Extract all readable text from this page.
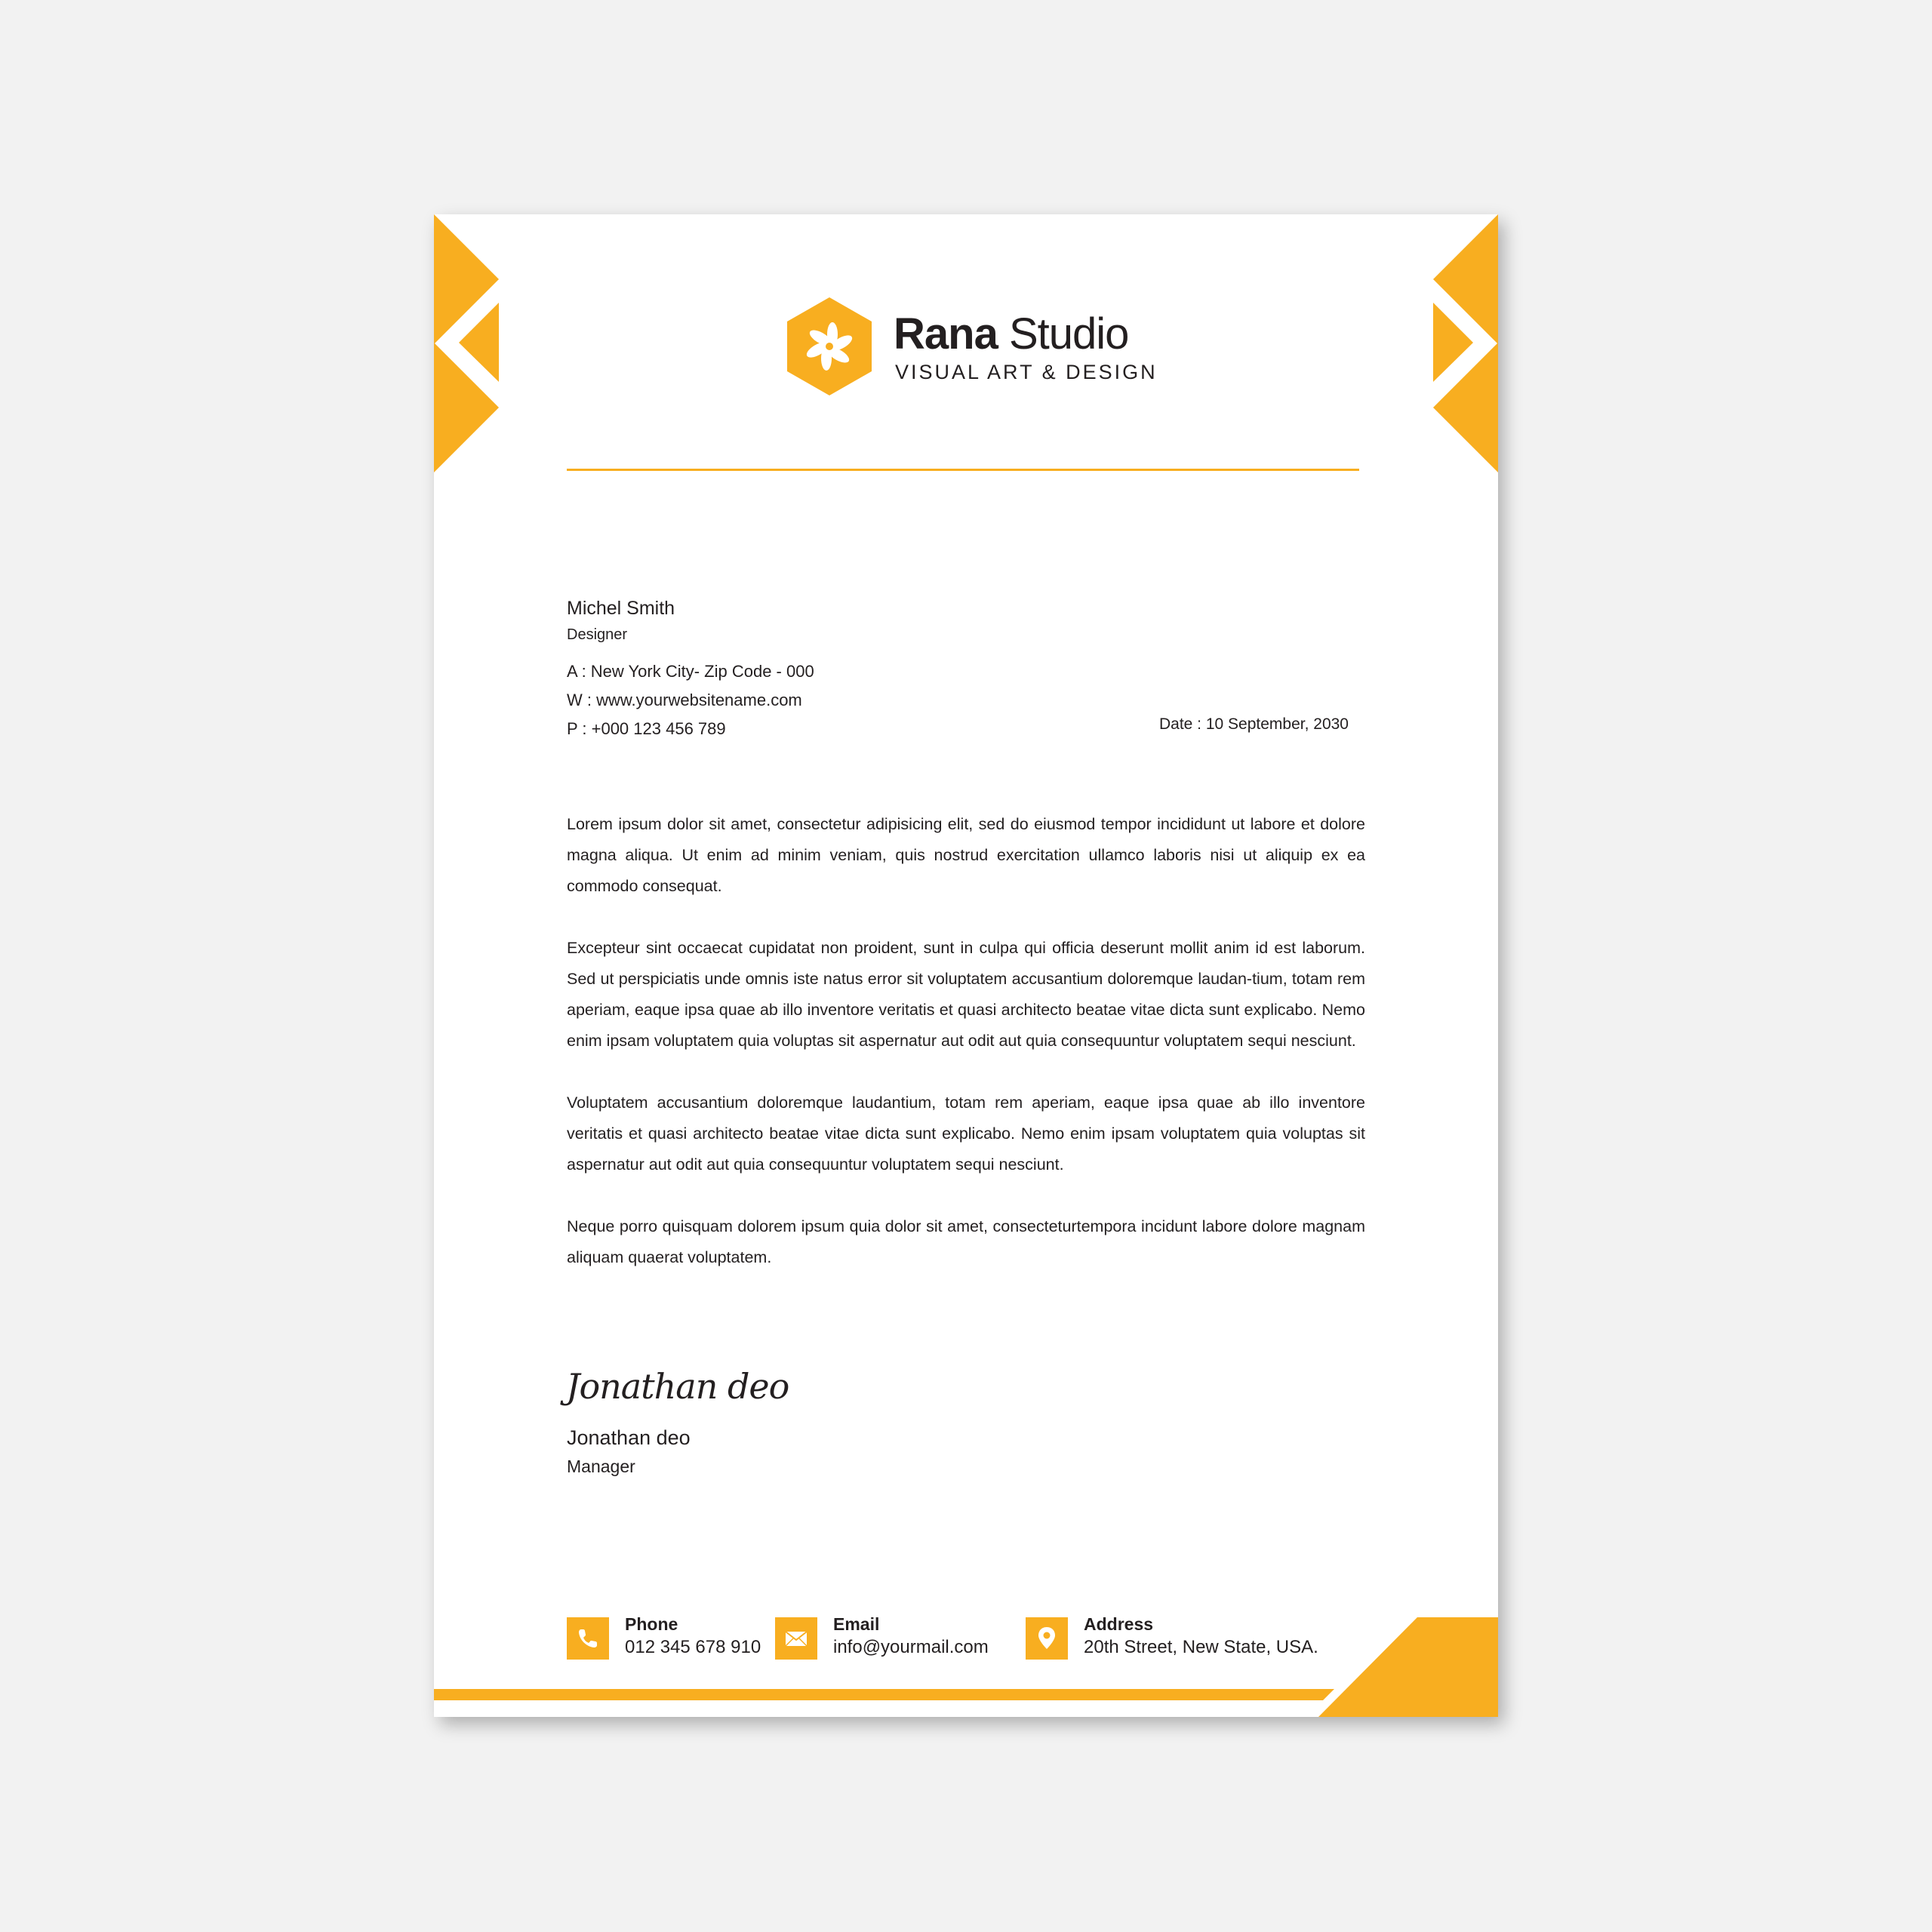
Rana Studio
VISUAL ART & DESIGN
Michel Smith
Designer
A : New York City- Zip Code - 000
W : www.yourwebsitename.com
P : +000 123 456 789	Date : 10 September, 2030

Lorem ipsum dolor sit amet, consectetur adipisicing elit, sed do eiusmod tempor incididunt ut labore et dolore magna aliqua. Ut enim ad minim veniam, quis nostrud exercitation ullamco laboris nisi ut aliquip ex ea commodo consequat.

Excepteur sint occaecat cupidatat non proident, sunt in culpa qui officia deserunt mollit anim id est laborum. Sed ut perspiciatis unde omnis iste natus error sit voluptatem accusantium doloremque laudan-tium, totam rem aperiam, eaque ipsa quae ab illo inventore veritatis et quasi architecto beatae vitae dicta sunt explicabo. Nemo enim ipsam voluptatem quia voluptas sit aspernatur aut odit aut quia consequuntur voluptatem sequi nesciunt.

Voluptatem accusantium doloremque laudantium, totam rem aperiam, eaque ipsa quae ab illo inventore veritatis et quasi architecto beatae vitae dicta sunt explicabo. Nemo enim ipsam voluptatem quia voluptas sit aspernatur aut odit aut quia consequuntur voluptatem sequi nesciunt.

Neque porro quisquam dolorem ipsum quia dolor sit amet, consecteturtempora incidunt labore dolore magnam aliquam quaerat voluptatem.

Jonathan deo
Jonathan deo
Manager
Phone
012 345 678 910
Email
info@yourmail.com
Address
20th Street, New State, USA.
